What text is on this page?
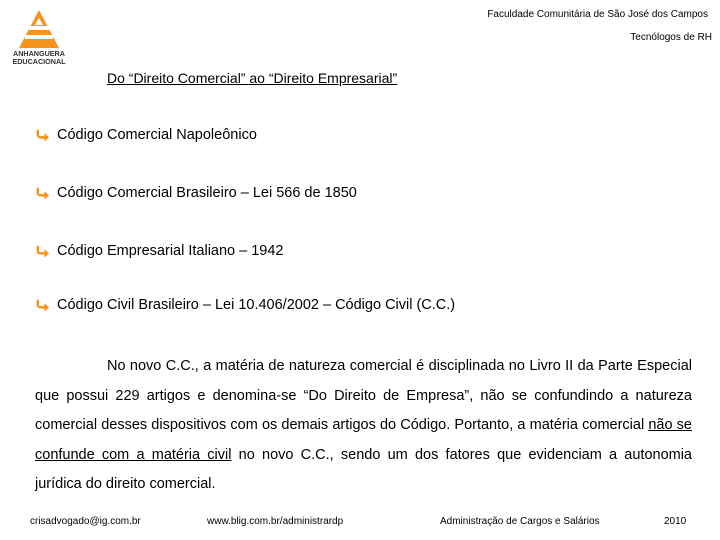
ANHANGUERA
EDUCACIONAL
Faculdade Comunitária de São José dos Campos
Tecnólogos de RH
Do “Direito Comercial” ao “Direito Empresarial”
Código Comercial Napoleônico
Código Comercial Brasileiro – Lei 566 de 1850
Código Empresarial Italiano – 1942
Código Civil Brasileiro – Lei 10.406/2002 – Código Civil (C.C.)
No novo C.C., a matéria de natureza comercial é disciplinada no Livro II da Parte Especial que possui 229 artigos e denomina-se “Do Direito de Empresa”, não se confundindo a natureza comercial desses dispositivos com os demais artigos do Código. Portanto, a matéria comercial não se confunde com a matéria civil no novo C.C., sendo um dos fatores que evidenciam a autonomia jurídica do direito comercial.
crisadvogado@ig.com.br	www.blig.com.br/administrardp	Administração de Cargos e Salários	2010
